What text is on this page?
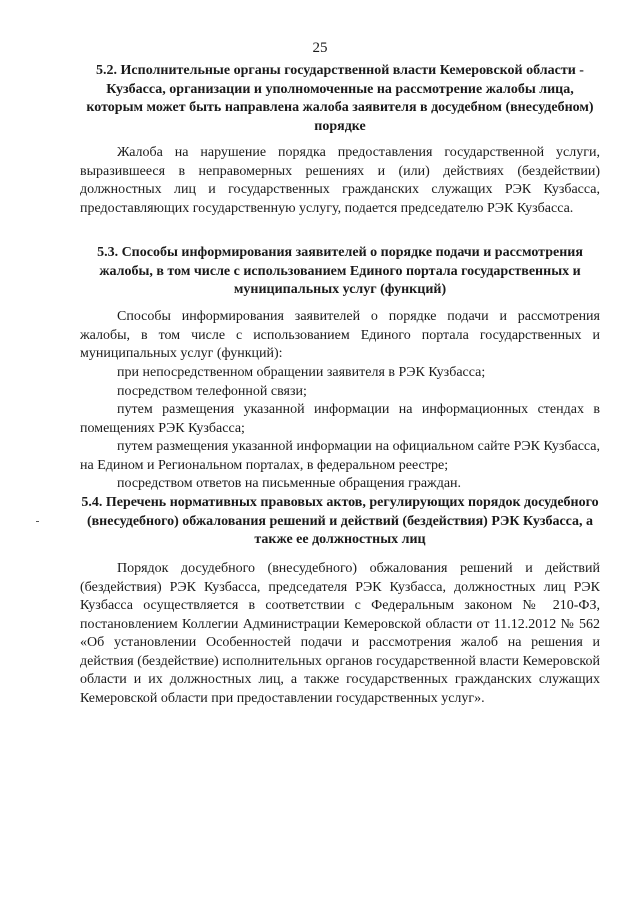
25
5.2. Исполнительные органы государственной власти Кемеровской области - Кузбасса, организации и уполномоченные на рассмотрение жалобы лица, которым может быть направлена жалоба заявителя в досудебном (внесудебном) порядке

Жалоба на нарушение порядка предоставления государственной услуги, выразившееся в неправомерных решениях и (или) действиях (бездействии) должностных лиц и государственных гражданских служащих РЭК Кузбасса, предоставляющих государственную услугу, подается председателю РЭК Кузбасса.

5.3. Способы информирования заявителей о порядке подачи и рассмотрения жалобы, в том числе с использованием Единого портала государственных и муниципальных услуг (функций)

Способы информирования заявителей о порядке подачи и рассмотрения жалобы, в том числе с использованием Единого портала государственных и муниципальных услуг (функций):

при непосредственном обращении заявителя в РЭК Кузбасса;
посредством телефонной связи;
путем размещения указанной информации на информационных стендах в помещениях РЭК Кузбасса;
путем размещения указанной информации на официальном сайте РЭК Кузбасса, на Едином и Региональном порталах, в федеральном реестре;
посредством ответов на письменные обращения граждан.
5.4. Перечень нормативных правовых актов, регулирующих порядок досудебного (внесудебного) обжалования решений и действий (бездействия) РЭК Кузбасса, а также ее должностных лиц

Порядок досудебного (внесудебного) обжалования решений и действий (бездействия) РЭК Кузбасса, председателя РЭК Кузбасса, должностных лиц РЭК Кузбасса осуществляется в соответствии с Федеральным законом № 210-ФЗ, постановлением Коллегии Администрации Кемеровской области от 11.12.2012 № 562 «Об установлении Особенностей подачи и рассмотрения жалоб на решения и действия (бездействие) исполнительных органов государственной власти Кемеровской области и их должностных лиц, а также государственных гражданских служащих Кемеровской области при предоставлении государственных услуг».
